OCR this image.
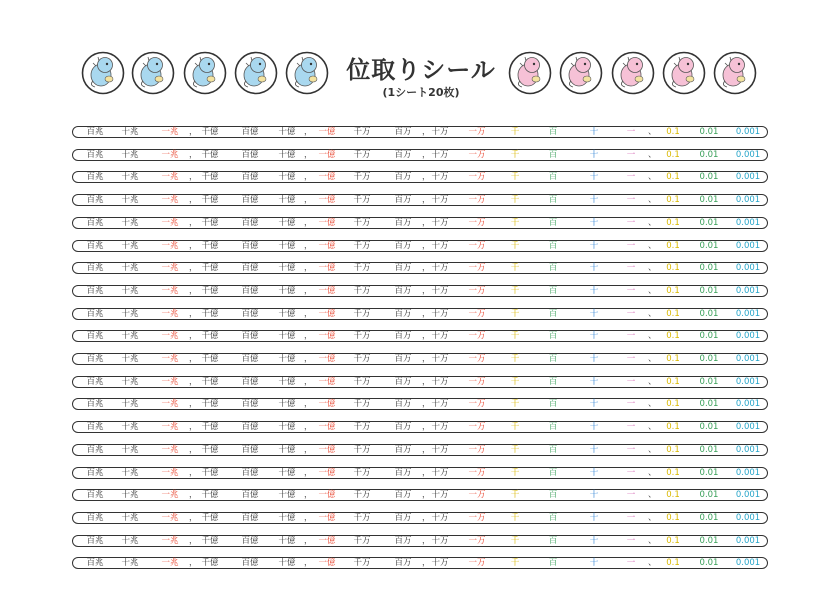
位取りシール
(1シート20枚)
百兆 十兆	一兆 ， 千億	百億 十億 ， 一億 千万	百万 十万
，	一万	千	百	十	一 、 0.1 0.01 0.001
百兆 十兆	一兆 ， 千億	百億 十億 ， 一億 千万	百万 十万
，	一万	千	百	十	一 、 0.1 0.01 0.001
百兆 十兆	一兆 ， 千億	百億 十億 ， 一億 千万	百万 十万
，	一万	千	百	十	一 、 0.1 0.01 0.001
百兆 十兆	一兆 ， 千億	百億 十億 ， 一億 千万	百万 十万
，	一万	千	百	十	一 、 0.1 0.01 0.001
百兆 十兆	一兆 ， 千億	百億 十億 ， 一億 千万	百万 十万
，	一万	千	百	十	一 、 0.1 0.01 0.001
百兆 十兆	一兆 ， 千億	百億 十億 ， 一億 千万	百万 十万
，	一万	千	百	十	一 、 0.1 0.01 0.001
百兆 十兆	一兆 ， 千億	百億 十億 ， 一億 千万	百万 十万
，	一万	千	百	十	一 、 0.1 0.01 0.001
百兆 十兆	一兆 ， 千億	百億 十億 ， 一億 千万	百万 十万
，	一万	千	百	十	一 、 0.1 0.01 0.001
百兆 十兆	一兆 ， 千億	百億 十億 ， 一億 千万	百万 十万
，	一万	千	百	十	一 、 0.1 0.01 0.001
百兆 十兆	一兆 ， 千億	百億 十億 ， 一億 千万	百万 十万
，	一万	千	百	十	一 、 0.1 0.01 0.001
百兆 十兆	一兆 ， 千億	百億 十億 ， 一億 千万	百万 十万
，	一万	千	百	十	一 、 0.1 0.01 0.001
百兆 十兆	一兆 ， 千億	百億 十億 ， 一億 千万	百万 十万
，	一万	千	百	十	一 、 0.1 0.01 0.001
百兆 十兆	一兆 ， 千億	百億 十億 ， 一億 千万	百万 十万
，	一万	千	百	十	一 、 0.1 0.01 0.001
百兆 十兆	一兆 ， 千億	百億 十億 ， 一億 千万	百万 十万
，	一万	千	百	十	一 、 0.1 0.01 0.001
百兆 十兆	一兆 ， 千億	百億 十億 ， 一億 千万	百万 十万
，	一万	千	百	十	一 、 0.1 0.01 0.001
百兆 十兆	一兆 ， 千億	百億 十億 ， 一億 千万	百万 十万
，	一万	千	百	十	一 、 0.1 0.01 0.001
百兆 十兆	一兆 ， 千億	百億 十億 ， 一億 千万	百万 十万
，	一万	千	百	十	一 、 0.1 0.01 0.001
百兆 十兆	一兆 ， 千億	百億 十億 ， 一億 千万	百万 十万
，	一万	千	百	十	一 、 0.1 0.01 0.001
百兆 十兆	一兆 ， 千億	百億 十億 ， 一億 千万	百万 十万
，	一万	千	百	十	一 、 0.1 0.01 0.001
百兆 十兆	一兆 ， 千億	百億 十億 ， 一億 千万	百万 十万
，	一万	千	百	十	一 、 0.1 0.01 0.001
